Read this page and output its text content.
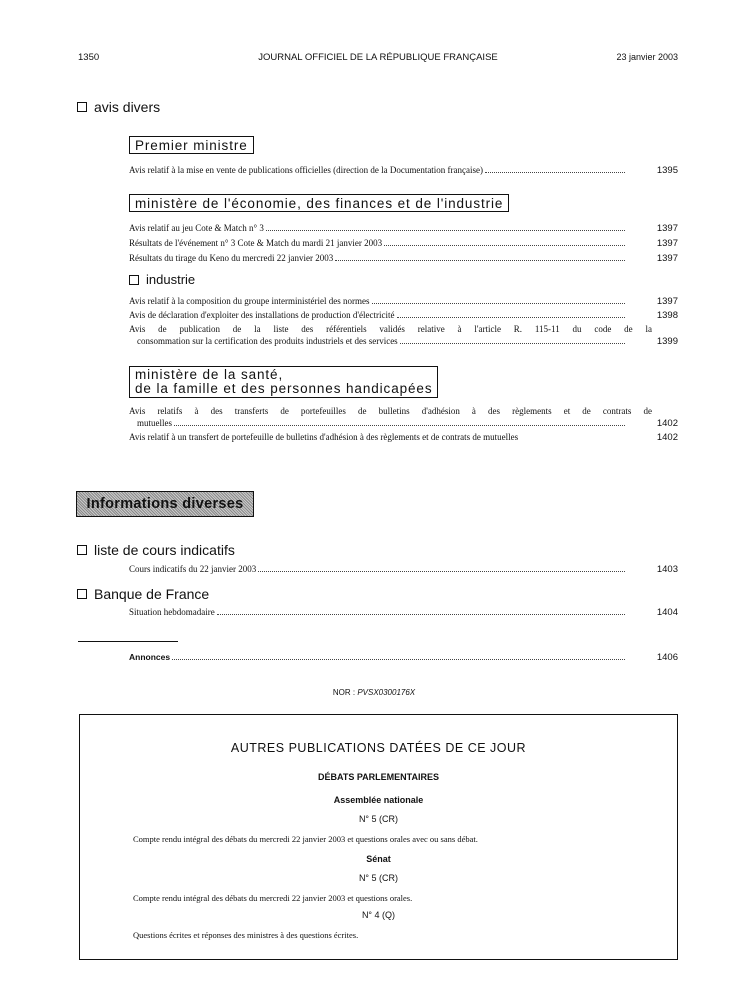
1350	JOURNAL OFFICIEL DE LA RÉPUBLIQUE FRANÇAISE	23 janvier 2003
avis divers
Premier ministre
Avis relatif à la mise en vente de publications officielles (direction de la Documentation française)	1395
ministère de l'économie, des finances et de l'industrie
Avis relatif au jeu Cote & Match n° 3	1397
Résultats de l'événement n° 3 Cote & Match du mardi 21 janvier 2003	1397
Résultats du tirage du Keno du mercredi 22 janvier 2003	1397
industrie
Avis relatif à la composition du groupe interministériel des normes	1397
Avis de déclaration d'exploiter des installations de production d'électricité	1398
Avis de publication de la liste des référentiels validés relative à l'article R. 115-11 du code de la
consommation sur la certification des produits industriels et des services	1399
ministère de la santé,
de la famille et des personnes handicapées
Avis relatifs à des transferts de portefeuilles de bulletins d'adhésion à des règlements et de contrats de
mutuelles	1402
Avis relatif à un transfert de portefeuille de bulletins d'adhésion à des règlements et de contrats de mutuelles	1402
Informations diverses
liste de cours indicatifs
Cours indicatifs du 22 janvier 2003	1403
Banque de France
Situation hebdomadaire	1404
Annonces	1406
NOR : PVSX0300176X
AUTRES PUBLICATIONS DATÉES DE CE JOUR
DÉBATS PARLEMENTAIRES
Assemblée nationale
N° 5 (CR)
Compte rendu intégral des débats du mercredi 22 janvier 2003 et questions orales avec ou sans débat.
Sénat
N° 5 (CR)
Compte rendu intégral des débats du mercredi 22 janvier 2003 et questions orales.
N° 4 (Q)
Questions écrites et réponses des ministres à des questions écrites.
